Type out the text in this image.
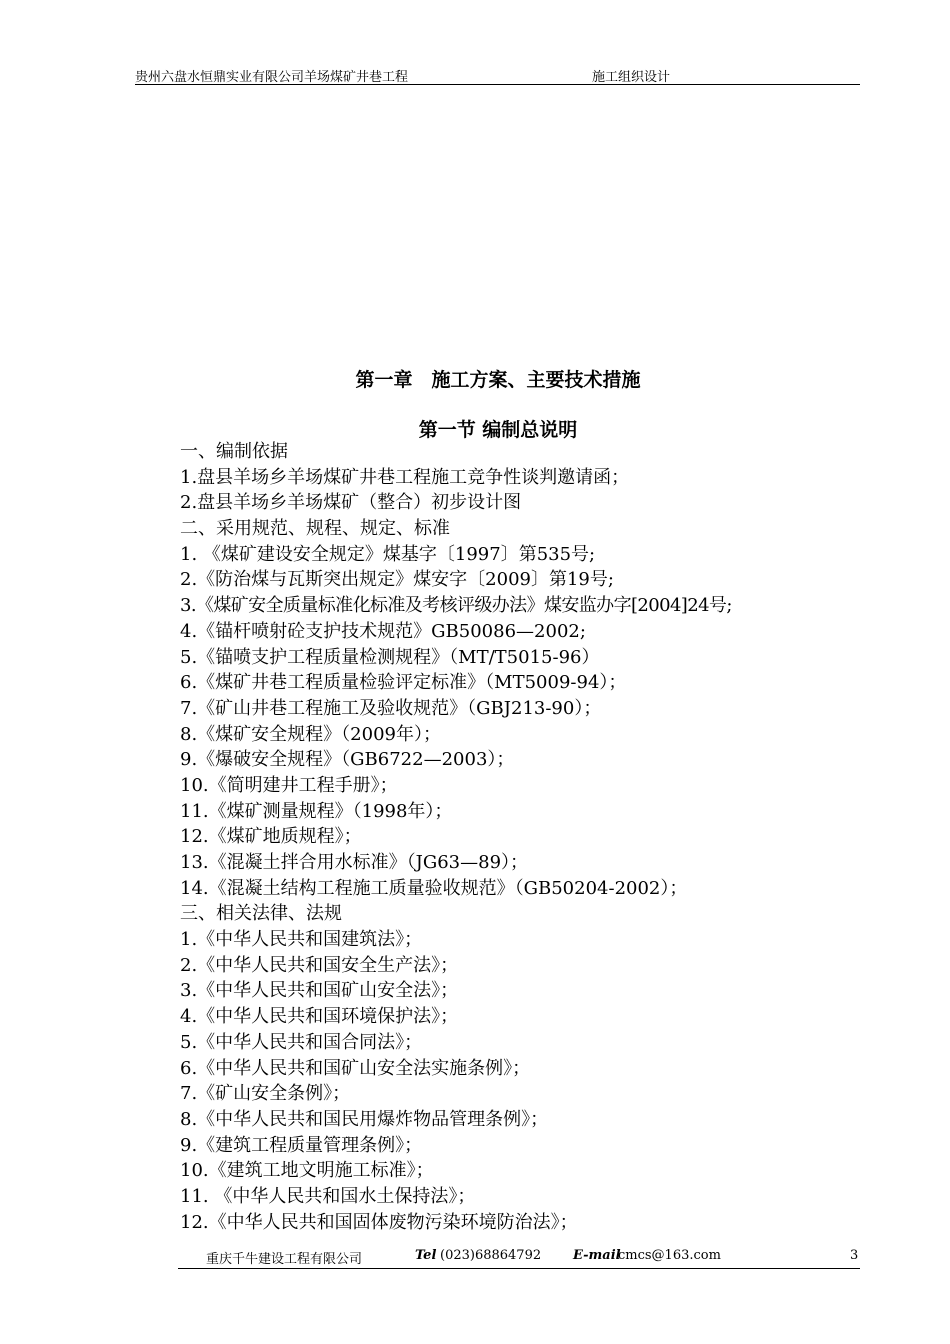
贵州六盘水恒鼎实业有限公司羊场煤矿井巷工程	施工组织设计
第一章　施工方案、主要技术措施
第一节 编制总说明
一、编制依据
1.盘县羊场乡羊场煤矿井巷工程施工竞争性谈判邀请函；
2.盘县羊场乡羊场煤矿（整合）初步设计图
二、采用规范、规程、规定、标准
1. 《煤矿建设安全规定》煤基字〔1997〕第535号;
2.《防治煤与瓦斯突出规定》煤安字〔2009〕第19号;
3.《煤矿安全质量标准化标准及考核评级办法》煤安监办字[2004]24号;
4.《锚杆喷射砼支护技术规范》GB50086—2002;
5.《锚喷支护工程质量检测规程》（MT/T5015-96）
6.《煤矿井巷工程质量检验评定标准》（MT5009-94）；
7.《矿山井巷工程施工及验收规范》（GBJ213-90）；
8.《煤矿安全规程》（2009年）；
9.《爆破安全规程》（GB6722—2003）；
10.《简明建井工程手册》；
11.《煤矿测量规程》（1998年）；
12.《煤矿地质规程》；
13.《混凝土拌合用水标准》（JG63—89）；
14.《混凝土结构工程施工质量验收规范》（GB50204-2002）；
三、相关法律、法规
1.《中华人民共和国建筑法》；
2.《中华人民共和国安全生产法》；
3.《中华人民共和国矿山安全法》；
4.《中华人民共和国环境保护法》；
5.《中华人民共和国合同法》；
6.《中华人民共和国矿山安全法实施条例》；
7.《矿山安全条例》；
8.《中华人民共和国民用爆炸物品管理条例》；
9.《建筑工程质量管理条例》；
10.《建筑工地文明施工标准》；
11. 《中华人民共和国水土保持法》；
12.《中华人民共和国固体废物污染环境防治法》；
重庆千牛建设工程有限公司	Tel (023)68864792 E-mail
cmcs@163.com	3
